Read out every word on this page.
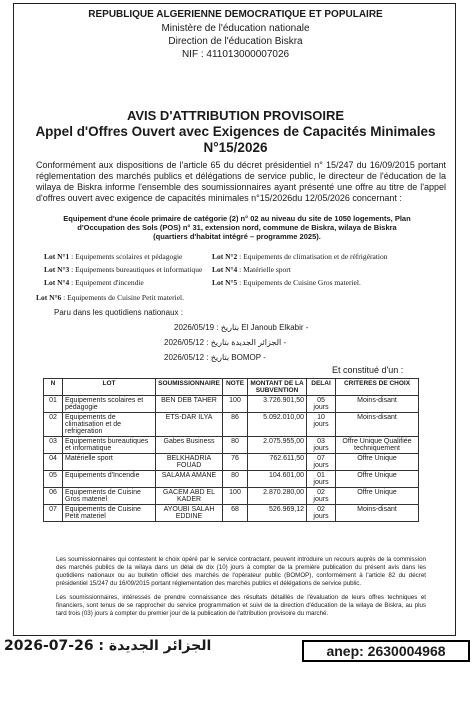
REPUBLIQUE ALGERIENNE DEMOCRATIQUE ET POPULAIRE
Ministère de l'éducation nationale
Direction de l'éducation Biskra
NIF : 411013000007026
AVIS D'ATTRIBUTION PROVISOIRE
Appel d'Offres Ouvert avec Exigences de Capacités Minimales
N°15/2026
Conformément aux dispositions de l'article 65 du décret présidentiel n° 15/247 du 16/09/2015 portant réglementation des marchés publics et délégations de service public, le directeur de l'éducation de la wilaya de Biskra informe l'ensemble des soumissionnaires ayant présenté une offre au titre de l'appel d'offres ouvert avec exigence de capacités minimales n°15/2026du 12/05/2026 concernant :
Equipement d'une école primaire de catégorie (2) n° 02 au niveau du site de 1050 logements, Plan d'Occupation des Sols (POS) n° 31, extension nord, commune de Biskra, wilaya de Biskra (quartiers d'habitat intégré – programme 2025).
Lot N°1 : Equipements scolaires et pédagogie	Lot N°2 : Equipements de climatisation et de réfrigération
Lot N°3 : Equipements bureautiques et informatique Lot N°4 : Matérielle sport
Lot N°4 : Equipement d'incendie	Lot N°5 : Equipements de Cuisine Gros materiel.
Lot N°6 : Equipements de Cuisine Petit materiel.
Paru dans les quotidiens nationaux :
2026/05/19 : بتاريخ El Janoub Elkabir -
الجزائر الجديدة بتاريخ : 2026/05/12 -
2026/05/12 : بتاريخ BOMOP -
Et constitué d'un :
N	LOT	SOUMISSIONNAIRE	NOTE	MONTANT DE LA SUBVENTION	DELAI	CRITERES DE CHOIX
01	Equipements scolaires et pédagogie	BEN DEB TAHER	100	3.726.901,50	05 jours	Moins-disant
02	Equipements de climatisation et de refrigeration	ETS-DAR ILYA	86	5.092.010,00	10 jours	Moins-disant
03	Equipements bureautiques et informatique	Gabes Business	80	2.075.955,00	03 jours	Offre Unique Qualifiée techniquement
04	Matérielle sport	BELKHADRIA FOUAD	76	762.611,50	07 jours	Offre Unique
05	Equipements d'Incendie	SALAMA AMANE	80	104.601,00	01 jours	Offre Unique
06	Equipements de Cuisine Gros materiel	GACEM ABD EL KADER	100	2.870.280,00	02 jours	Offre Unique
07	Equipements de Cuisine Petit materiel	AYOUBI SALAH EDDINE	68	526.969,12	02 jours	Moins-disant
Les soumissionnaires qui contestent le choix opéré par le service contractant, peuvent introduire un recours auprès de la commission des marchés publics de la wilaya dans un délai de dix (10) jours à compter de la première publication du présent avis dans les quotidiens nationaux ou au bulletin officiel des marchés de l'opérateur public (BOMOP), conformément à l'article 82 du décret présidentiel 15/247 du 16/09/2015 portant réglementation des marchés publics et délégations de service public.
Les soumissionnaires, intéressés de prendre connaissance des résultats détaillés de l'évaluation de leurs offres techniques et financiers, sont tenus de se rapprocher du service programmation et suivi de la direction d'éducation de la wilaya de Biskra, au plus tard trois (03) jours à compter du premier jour de la publication de l'attribution provisoire du marché.
الجزائر الجديدة : 26-07-2026	anep: 2630004968
